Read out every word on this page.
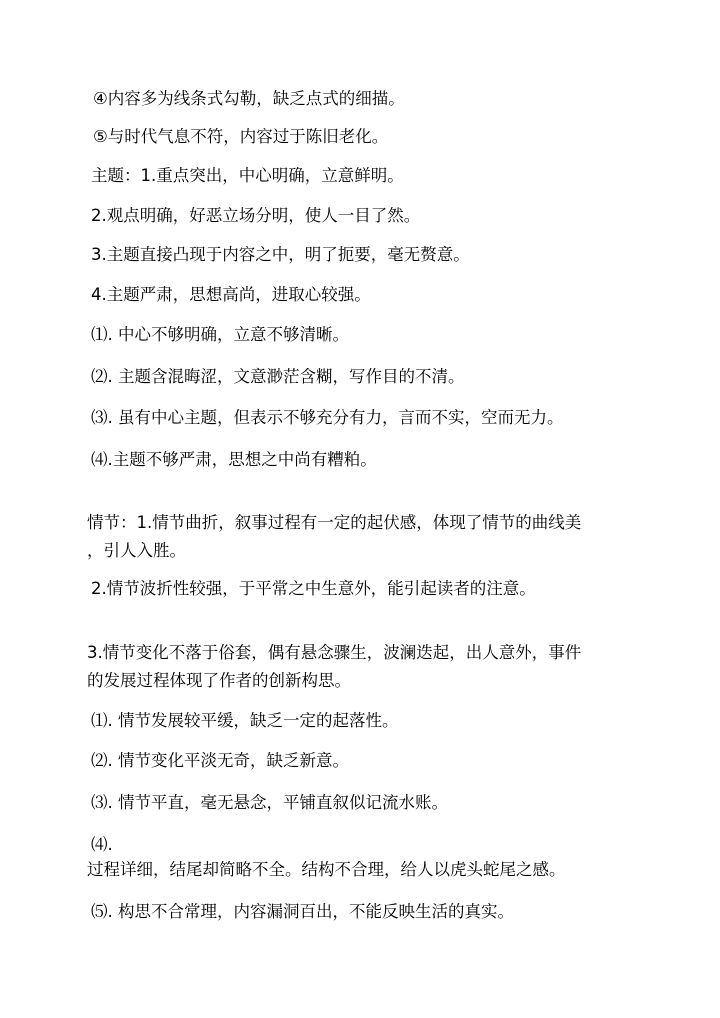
④内容多为线条式勾勒，缺乏点式的细描。
⑤与时代气息不符，内容过于陈旧老化。
主题：1.重点突出，中心明确，立意鲜明。
2.观点明确，好恶立场分明，使人一目了然。
3.主题直接凸现于内容之中，明了扼要，毫无赘意。
4.主题严肃，思想高尚，进取心较强。
⑴. 中心不够明确，立意不够清晰。
⑵. 主题含混晦涩，文意渺茫含糊，写作目的不清。
⑶. 虽有中心主题，但表示不够充分有力，言而不实，空而无力。
⑷.主题不够严肃，思想之中尚有糟粕。
情节：1.情节曲折，叙事过程有一定的起伏感，体现了情节的曲线美
，引人入胜。
2.情节波折性较强，于平常之中生意外，能引起读者的注意。
3.情节变化不落于俗套，偶有悬念骤生，波澜迭起，出人意外，事件
的发展过程体现了作者的创新构思。
⑴. 情节发展较平缓，缺乏一定的起落性。
⑵. 情节变化平淡无奇，缺乏新意。
⑶. 情节平直，毫无悬念，平铺直叙似记流水账。
⑷.
过程详细，结尾却简略不全。结构不合理，给人以虎头蛇尾之感。
⑸. 构思不合常理，内容漏洞百出，不能反映生活的真实。
